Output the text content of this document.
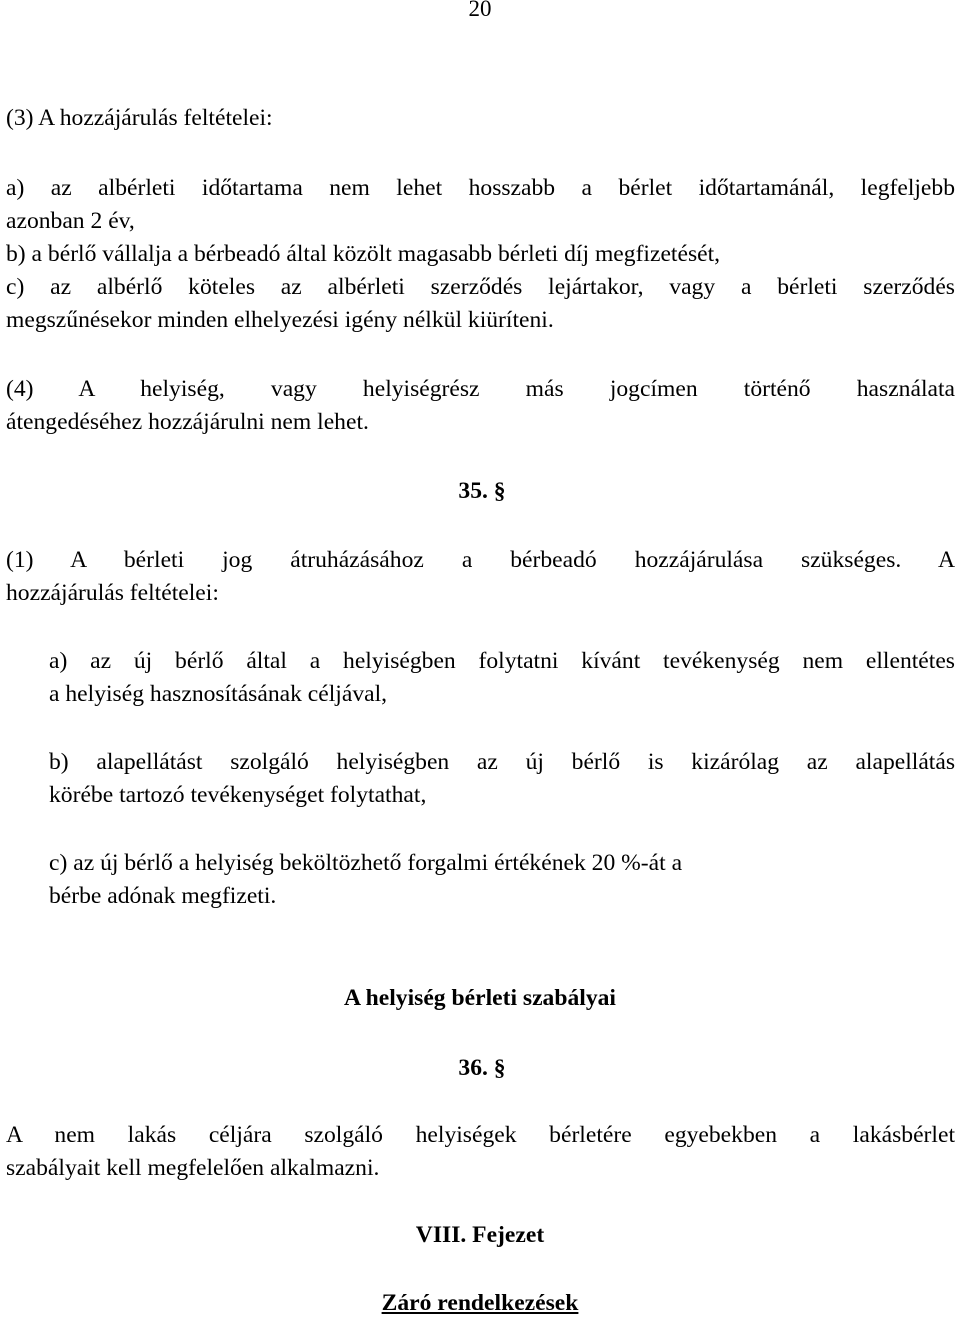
20
(3) A hozzájárulás feltételei:
a) az albérleti időtartama nem lehet hosszabb a bérlet időtartamánál, legfeljebb
azonban 2 év,
b) a bérlő vállalja a bérbeadó által közölt magasabb bérleti díj megfizetését,
c) az albérlő köteles az albérleti szerződés lejártakor, vagy a bérleti szerződés
megszűnésekor minden elhelyezési igény nélkül kiüríteni.
(4) A helyiség, vagy helyiségrész más jogcímen történő használata
átengedéséhez hozzájárulni nem lehet.
35. §
(1) A bérleti jog átruházásához a bérbeadó hozzájárulása szükséges. A
hozzájárulás feltételei:
a) az új bérlő által a helyiségben folytatni kívánt tevékenység nem ellentétes
a helyiség hasznosításának céljával,
b) alapellátást szolgáló helyiségben az új bérlő is kizárólag az alapellátás
körébe tartozó tevékenységet folytathat,
c) az új bérlő a helyiség beköltözhető forgalmi értékének 20 %-át a
bérbe adónak megfizeti.
A helyiség bérleti szabályai
36. §
A nem lakás céljára szolgáló helyiségek bérletére egyebekben a lakásbérlet
szabályait kell megfelelően alkalmazni.
VIII. Fejezet
Záró rendelkezések
